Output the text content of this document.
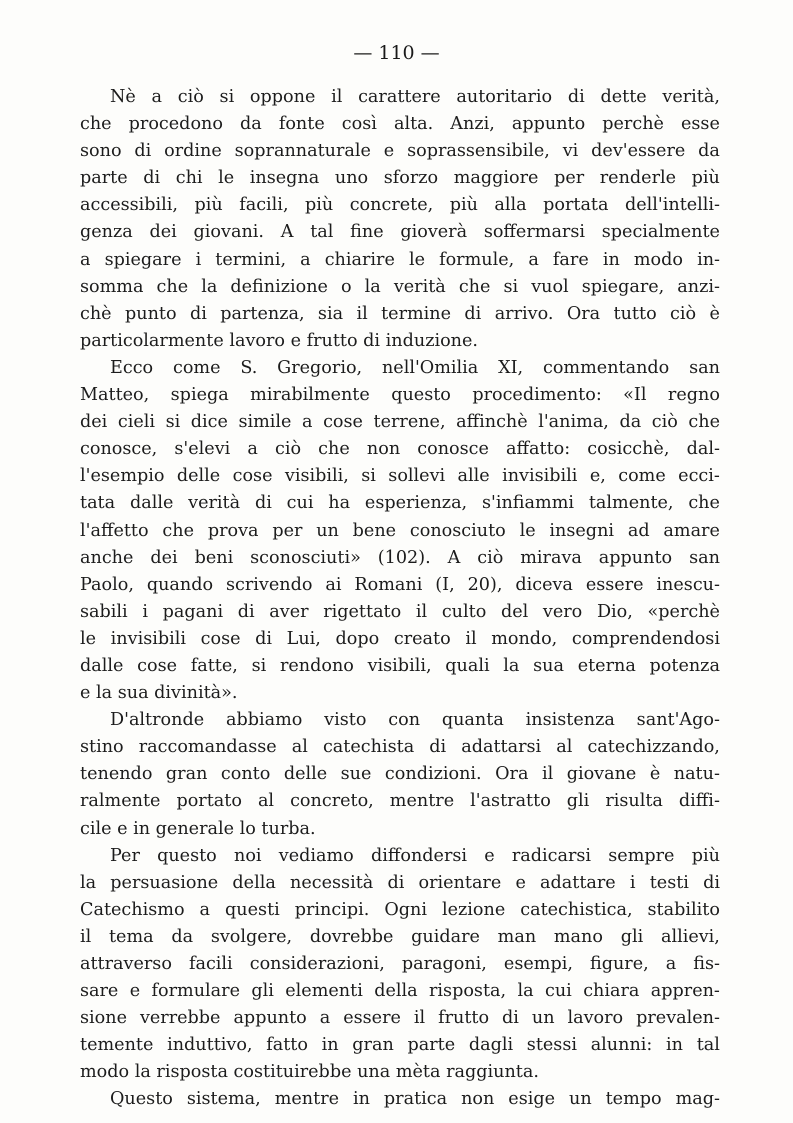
— 110 —
Nè a ciò si oppone il carattere autoritario di dette verità,
che procedono da fonte così alta. Anzi, appunto perchè esse
sono di ordine soprannaturale e soprassensibile, vi dev'essere da
parte di chi le insegna uno sforzo maggiore per renderle più
accessibili, più facili, più concrete, più alla portata dell'intelli-
genza dei giovani. A tal fine gioverà soffermarsi specialmente
a spiegare i termini, a chiarire le formule, a fare in modo in-
somma che la definizione o la verità che si vuol spiegare, anzi-
chè punto di partenza, sia il termine di arrivo. Ora tutto ciò è
particolarmente lavoro e frutto di induzione.
Ecco come S. Gregorio, nell'Omilia XI, commentando san
Matteo, spiega mirabilmente questo procedimento: «Il regno
dei cieli si dice simile a cose terrene, affinchè l'anima, da ciò che
conosce, s'elevi a ciò che non conosce affatto: cosicchè, dal-
l'esempio delle cose visibili, si sollevi alle invisibili e, come ecci-
tata dalle verità di cui ha esperienza, s'infiammi talmente, che
l'affetto che prova per un bene conosciuto le insegni ad amare
anche dei beni sconosciuti» (102). A ciò mirava appunto san
Paolo, quando scrivendo ai Romani (I, 20), diceva essere inescu-
sabili i pagani di aver rigettato il culto del vero Dio, «perchè
le invisibili cose di Lui, dopo creato il mondo, comprendendosi
dalle cose fatte, si rendono visibili, quali la sua eterna potenza
e la sua divinità».
D'altronde abbiamo visto con quanta insistenza sant'Ago-
stino raccomandasse al catechista di adattarsi al catechizzando,
tenendo gran conto delle sue condizioni. Ora il giovane è natu-
ralmente portato al concreto, mentre l'astratto gli risulta diffi-
cile e in generale lo turba.
Per questo noi vediamo diffondersi e radicarsi sempre più
la persuasione della necessità di orientare e adattare i testi di
Catechismo a questi principi. Ogni lezione catechistica, stabilito
il tema da svolgere, dovrebbe guidare man mano gli allievi,
attraverso facili considerazioni, paragoni, esempi, figure, a fis-
sare e formulare gli elementi della risposta, la cui chiara appren-
sione verrebbe appunto a essere il frutto di un lavoro prevalen-
temente induttivo, fatto in gran parte dagli stessi alunni: in tal
modo la risposta costituirebbe una mèta raggiunta.
Questo sistema, mentre in pratica non esige un tempo mag-
